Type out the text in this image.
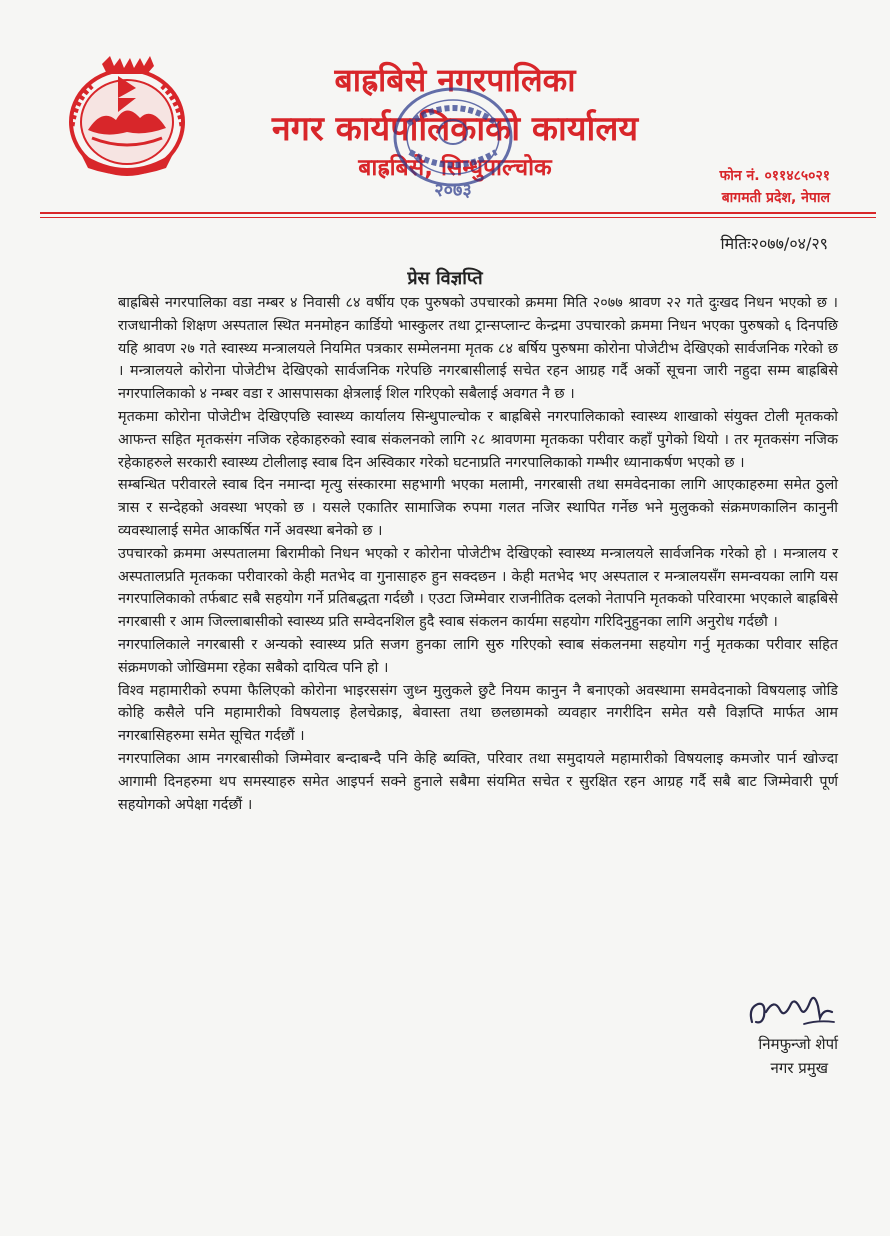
बाह्रबिसे नगरपालिका
नगर कार्यपालिकाको कार्यालय
बाह्रबिसे, सिन्धुपाल्चोक
२०७३
फोन नं. ०११४८५०२१
बागमती प्रदेश, नेपाल
मितिः२०७७/०४/२९
प्रेस विज्ञप्ति

बाह्रबिसे नगरपालिका वडा नम्बर ४ निवासी ८४ वर्षीय एक पुरुषको उपचारको क्रममा मिति २०७७ श्रावण २२ गते दुःखद निधन भएको छ । राजधानीको शिक्षण अस्पताल स्थित मनमोहन कार्डियो भास्कुलर तथा ट्रान्सप्लान्ट केन्द्रमा उपचारको क्रममा निधन भएका पुरुषको ६ दिनपछि यहि श्रावण २७ गते स्वास्थ्य मन्त्रालयले नियमित पत्रकार सम्मेलनमा मृतक ८४ बर्षिय पुरुषमा कोरोना पोजेटीभ देखिएको सार्वजनिक गरेको छ । मन्त्रालयले कोरोना पोजेटीभ देखिएको सार्वजनिक गरेपछि नगरबासीलाई सचेत रहन आग्रह गर्दै अर्को सूचना जारी नहुदा सम्म बाह्रबिसे नगरपालिकाको ४ नम्बर वडा र आसपासका क्षेत्रलाई शिल गरिएको सबैलाई अवगत नै छ ।

मृतकमा कोरोना पोजेटीभ देखिएपछि स्वास्थ्य कार्यालय सिन्धुपाल्चोक र बाह्रबिसे नगरपालिकाको स्वास्थ्य शाखाको संयुक्त टोली मृतकको आफन्त सहित मृतकसंग नजिक रहेकाहरुको स्वाब संकलनको लागि २८ श्रावणमा मृतकका परीवार कहाँ पुगेको थियो । तर मृतकसंग नजिक रहेकाहरुले सरकारी स्वास्थ्य टोलीलाइ स्वाब दिन अस्विकार गरेको घटनाप्रति नगरपालिकाको गम्भीर ध्यानाकर्षण भएको छ ।

सम्बन्धित परीवारले स्वाब दिन नमान्दा मृत्यु संस्कारमा सहभागी भएका मलामी, नगरबासी तथा समवेदनाका लागि आएकाहरुमा समेत ठुलो त्रास र सन्देहको अवस्था भएको छ । यसले एकातिर सामाजिक रुपमा गलत नजिर स्थापित गर्नेछ भने मुलुकको संक्रमणकालिन कानुनी व्यवस्थालाई समेत आकर्षित गर्ने अवस्था बनेको छ ।

उपचारको क्रममा अस्पतालमा बिरामीको निधन भएको र कोरोना पोजेटीभ देखिएको स्वास्थ्य मन्त्रालयले सार्वजनिक गरेको हो । मन्त्रालय र अस्पतालप्रति मृतकका परीवारको केही मतभेद वा गुनासाहरु हुन सक्दछन । केही मतभेद भए अस्पताल र मन्त्रालयसँग समन्वयका लागि यस नगरपालिकाको तर्फबाट सबै सहयोग गर्ने प्रतिबद्धता गर्दछौ । एउटा जिम्मेवार राजनीतिक दलको नेतापनि मृतकको परिवारमा भएकाले बाह्रबिसे नगरबासी र आम जिल्लाबासीको स्वास्थ्य प्रति सम्वेदनशिल हुदै स्वाब संकलन कार्यमा सहयोग गरिदिनुहुनका लागि अनुरोध गर्दछौ ।

नगरपालिकाले नगरबासी र अन्यको स्वास्थ्य प्रति सजग हुनका लागि सुरु गरिएको स्वाब संकलनमा सहयोग गर्नु मृतकका परीवार सहित संक्रमणको जोखिममा रहेका सबैको दायित्व पनि हो ।

विश्व महामारीको रुपमा फैलिएको कोरोना भाइरससंग जुध्न मुलुकले छुटै नियम कानुन नै बनाएको अवस्थामा समवेदनाको विषयलाइ जोडि कोहि कसैले पनि महामारीको विषयलाइ हेलचेक्राइ, बेवास्ता तथा छलछामको व्यवहार नगरीदिन समेत यसै विज्ञप्ति मार्फत आम नगरबासिहरुमा समेत सूचित गर्दछौं ।

नगरपालिका आम नगरबासीको जिम्मेवार बन्दाबन्दै पनि केहि ब्यक्ति, परिवार तथा समुदायले महामारीको विषयलाइ कमजोर पार्न खोज्दा आगामी दिनहरुमा थप समस्याहरु समेत आइपर्न सक्ने हुनाले सबैमा संयमित सचेत र सुरक्षित रहन आग्रह गर्दै सबै बाट जिम्मेवारी पूर्ण सहयोगको अपेक्षा गर्दछौं ।

निमफुन्जो शेर्पा
नगर प्रमुख
